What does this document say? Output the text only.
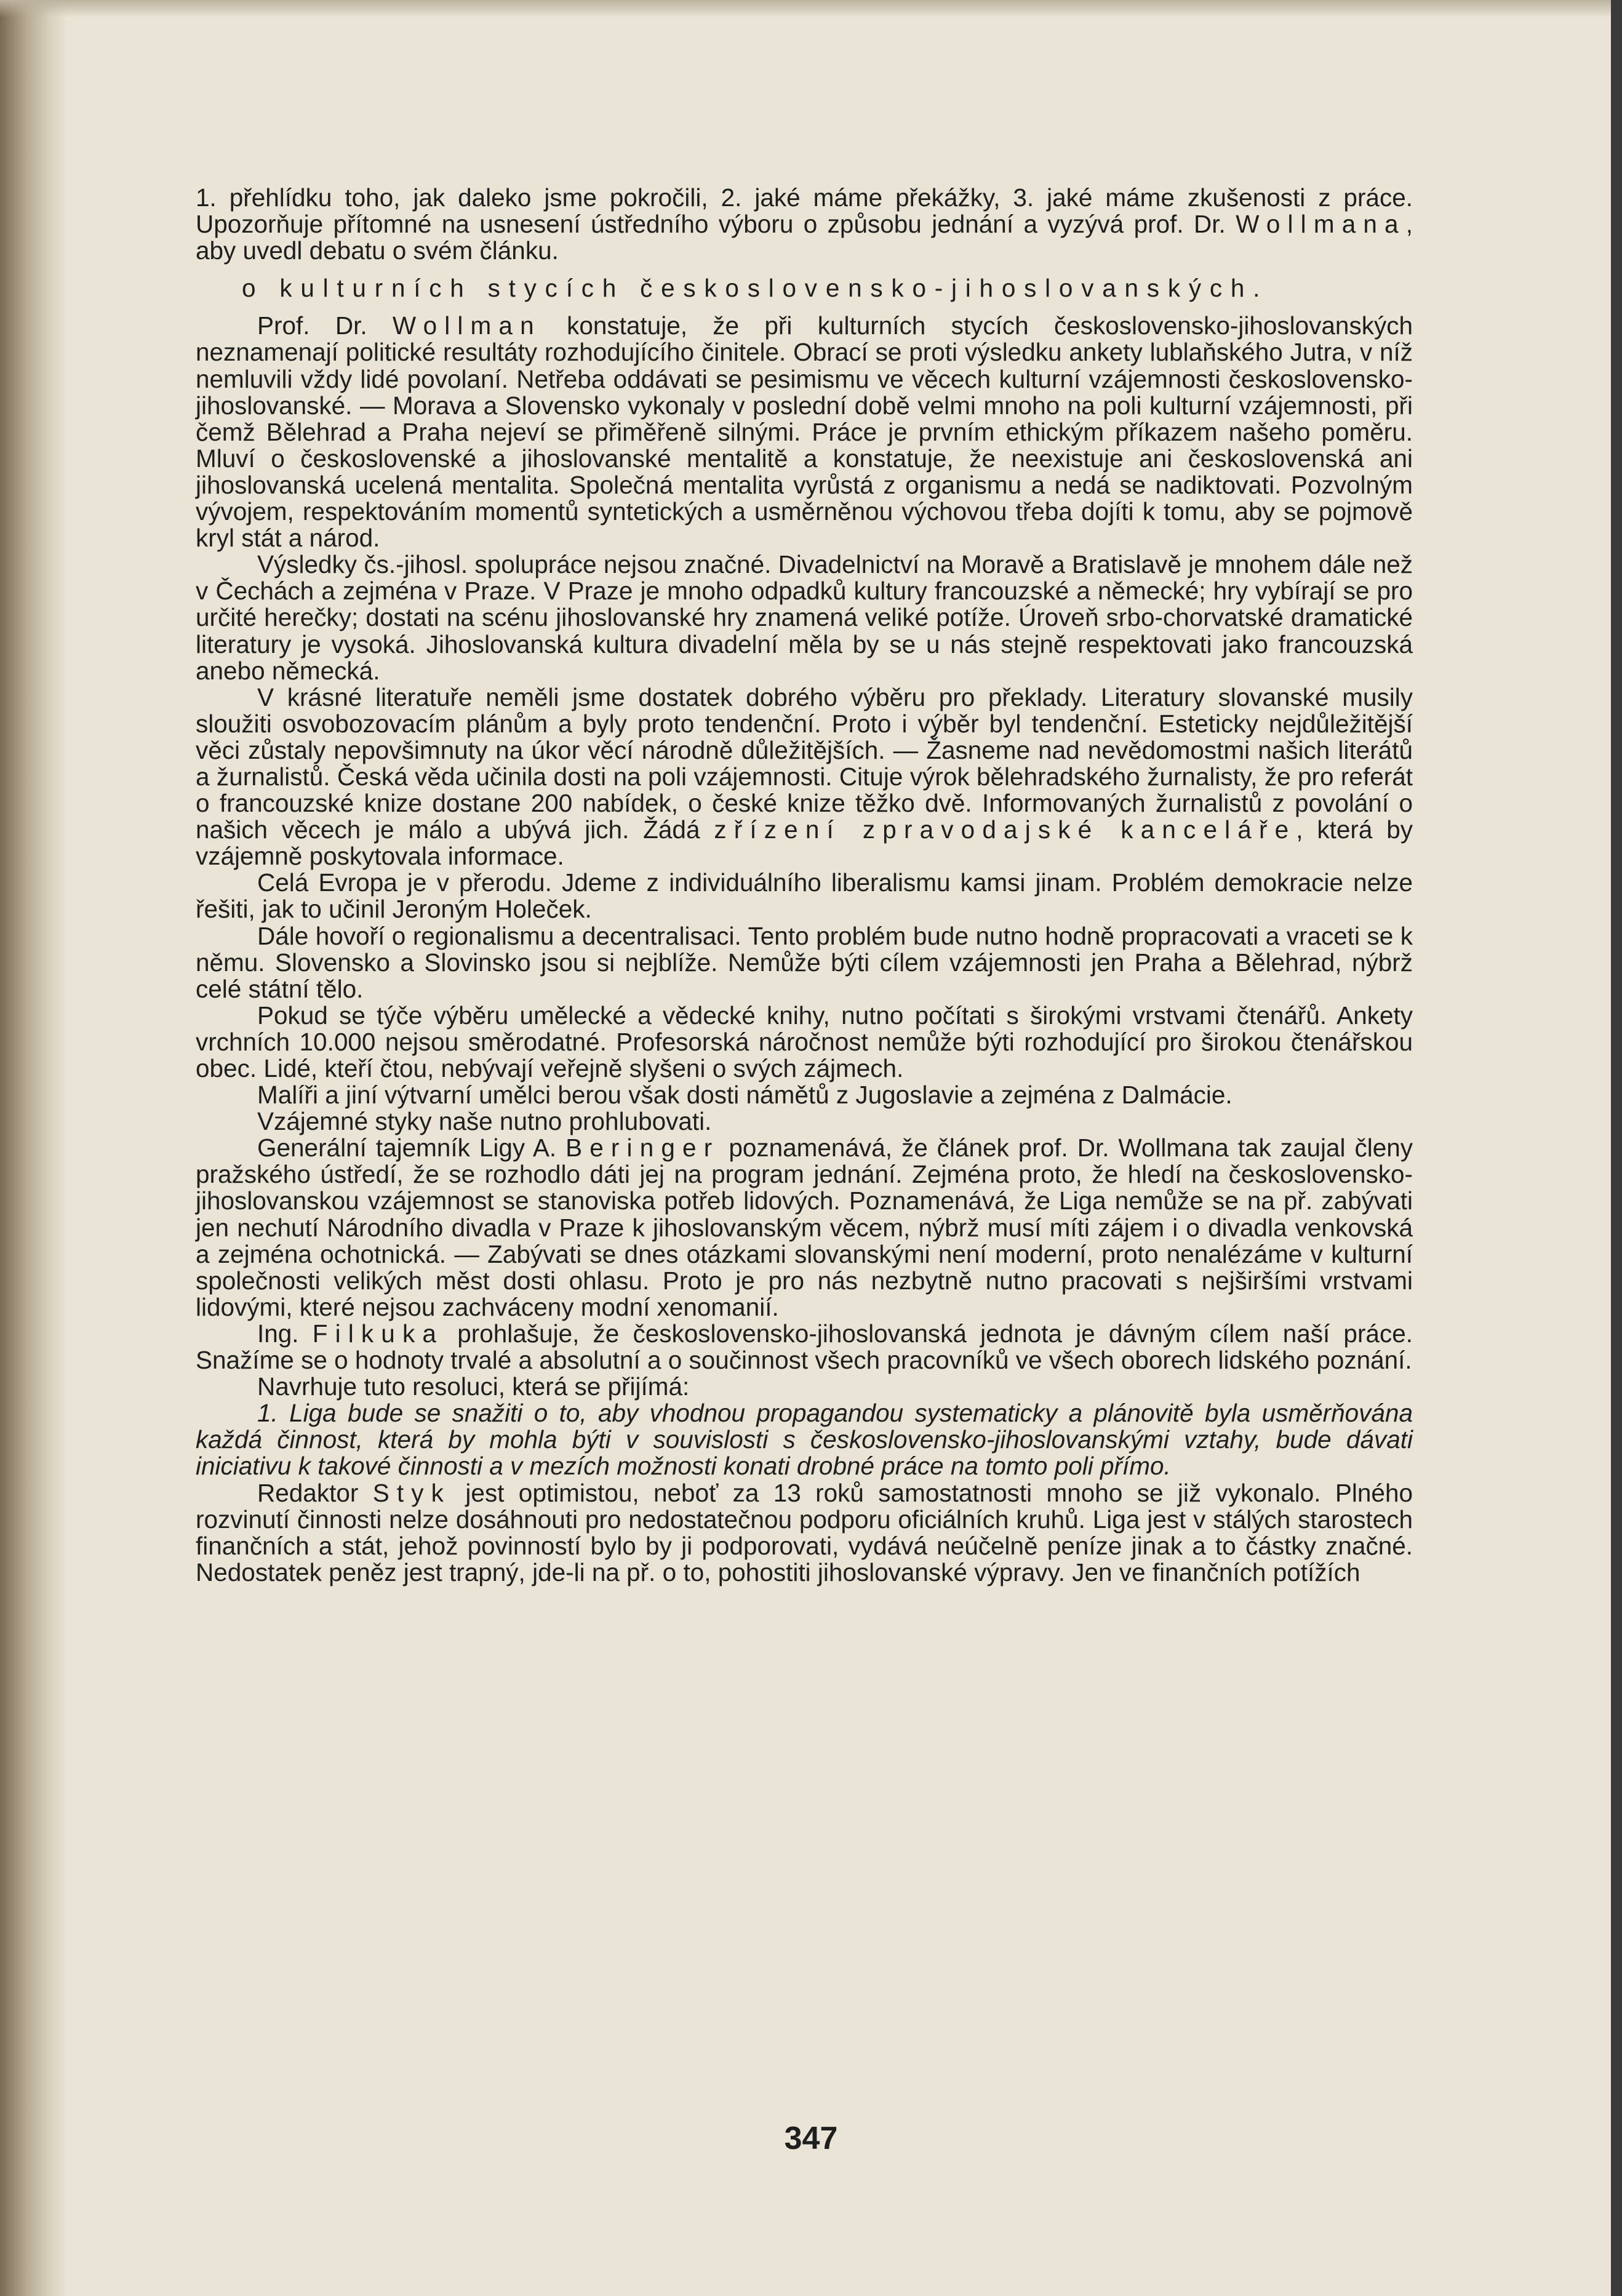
1. přehlídku toho, jak daleko jsme pokročili, 2. jaké máme překážky, 3. jaké máme zkušenosti z práce. Upozorňuje přítomné na usnesení ústředního výboru o způsobu jednání a vyzývá prof. Dr. Wollmana, aby uvedl debatu o svém článku.

o kulturních stycích československo-jihoslovanských.

Prof. Dr. Wollman konstatuje, že při kulturních stycích československo-jihoslovanských neznamenají politické resultáty rozhodujícího činitele. Obrací se proti výsledku ankety lublaňského Jutra, v níž nemluvili vždy lidé povolaní. Netřeba oddávati se pesimismu ve věcech kulturní vzájemnosti československo-jihoslovanské. — Morava a Slovensko vykonaly v poslední době velmi mnoho na poli kulturní vzájemnosti, při čemž Bělehrad a Praha nejeví se přiměřeně silnými. Práce je prvním ethickým příkazem našeho poměru. Mluví o československé a jihoslovanské mentalitě a konstatuje, že neexistuje ani československá ani jihoslovanská ucelená mentalita. Společná mentalita vyrůstá z organismu a nedá se nadiktovati. Pozvolným vývojem, respektováním momentů syntetických a usměrněnou výchovou třeba dojíti k tomu, aby se pojmově kryl stát a národ.

Výsledky čs.-jihosl. spolupráce nejsou značné. Divadelnictví na Moravě a Bratislavě je mnohem dále než v Čechách a zejména v Praze. V Praze je mnoho odpadků kultury francouzské a německé; hry vybírají se pro určité herečky; dostati na scénu jihoslovanské hry znamená veliké potíže. Úroveň srbo-chorvatské dramatické literatury je vysoká. Jihoslovanská kultura divadelní měla by se u nás stejně respektovati jako francouzská anebo německá.

V krásné literatuře neměli jsme dostatek dobrého výběru pro překlady. Literatury slovanské musily sloužiti osvobozovacím plánům a byly proto tendenční. Proto i výběr byl tendenční. Esteticky nejdůležitější věci zůstaly nepovšimnuty na úkor věcí národně důležitějších. — Žasneme nad nevědomostmi našich literátů a žurnalistů. Česká věda učinila dosti na poli vzájemnosti. Cituje výrok bělehradského žurnalisty, že pro referát o francouzské knize dostane 200 nabídek, o české knize těžko dvě. Informovaných žurnalistů z povolání o našich věcech je málo a ubývá jich. Žádá zřízení zpravodajské kanceláře, která by vzájemně poskytovala informace.

Celá Evropa je v přerodu. Jdeme z individuálního liberalismu kamsi jinam. Problém demokracie nelze řešiti, jak to učinil Jeroným Holeček.

Dále hovoří o regionalismu a decentralisaci. Tento problém bude nutno hodně propracovati a vraceti se k němu. Slovensko a Slovinsko jsou si nejblíže. Nemůže býti cílem vzájemnosti jen Praha a Bělehrad, nýbrž celé státní tělo.

Pokud se týče výběru umělecké a vědecké knihy, nutno počítati s širokými vrstvami čtenářů. Ankety vrchních 10.000 nejsou směrodatné. Profesorská náročnost nemůže býti rozhodující pro širokou čtenářskou obec. Lidé, kteří čtou, nebývají veřejně slyšeni o svých zájmech.

Malíři a jiní výtvarní umělci berou však dosti námětů z Jugoslavie a zejména z Dalmácie.

Vzájemné styky naše nutno prohlubovati.

Generální tajemník Ligy A. Beringer poznamenává, že článek prof. Dr. Wollmana tak zaujal členy pražského ústředí, že se rozhodlo dáti jej na program jednání. Zejména proto, že hledí na československo-jihoslovanskou vzájemnost se stanoviska potřeb lidových. Poznamenává, že Liga nemůže se na př. zabývati jen nechutí Národního divadla v Praze k jihoslovanským věcem, nýbrž musí míti zájem i o divadla venkovská a zejména ochotnická. — Zabývati se dnes otázkami slovanskými není moderní, proto nenalézáme v kulturní společnosti velikých měst dosti ohlasu. Proto je pro nás nezbytně nutno pracovati s nejširšími vrstvami lidovými, které nejsou zachváceny modní xenomanií.

Ing. Filkuka prohlašuje, že československo-jihoslovanská jednota je dávným cílem naší práce. Snažíme se o hodnoty trvalé a absolutní a o součinnost všech pracovníků ve všech oborech lidského poznání.

Navrhuje tuto resoluci, která se přijímá:

1. Liga bude se snažiti o to, aby vhodnou propagandou systematicky a plánovitě byla usměrňována každá činnost, která by mohla býti v souvislosti s československo-jihoslovanskými vztahy, bude dávati iniciativu k takové činnosti a v mezích možnosti konati drobné práce na tomto poli přímo.

Redaktor Styk jest optimistou, neboť za 13 roků samostatnosti mnoho se již vykonalo. Plného rozvinutí činnosti nelze dosáhnouti pro nedostatečnou podporu oficiálních kruhů. Liga jest v stálých starostech finančních a stát, jehož povinností bylo by ji podporovati, vydává neúčelně peníze jinak a to částky značné. Nedostatek peněz jest trapný, jde-li na př. o to, pohostiti jihoslovanské výpravy. Jen ve finančních potížích

347
